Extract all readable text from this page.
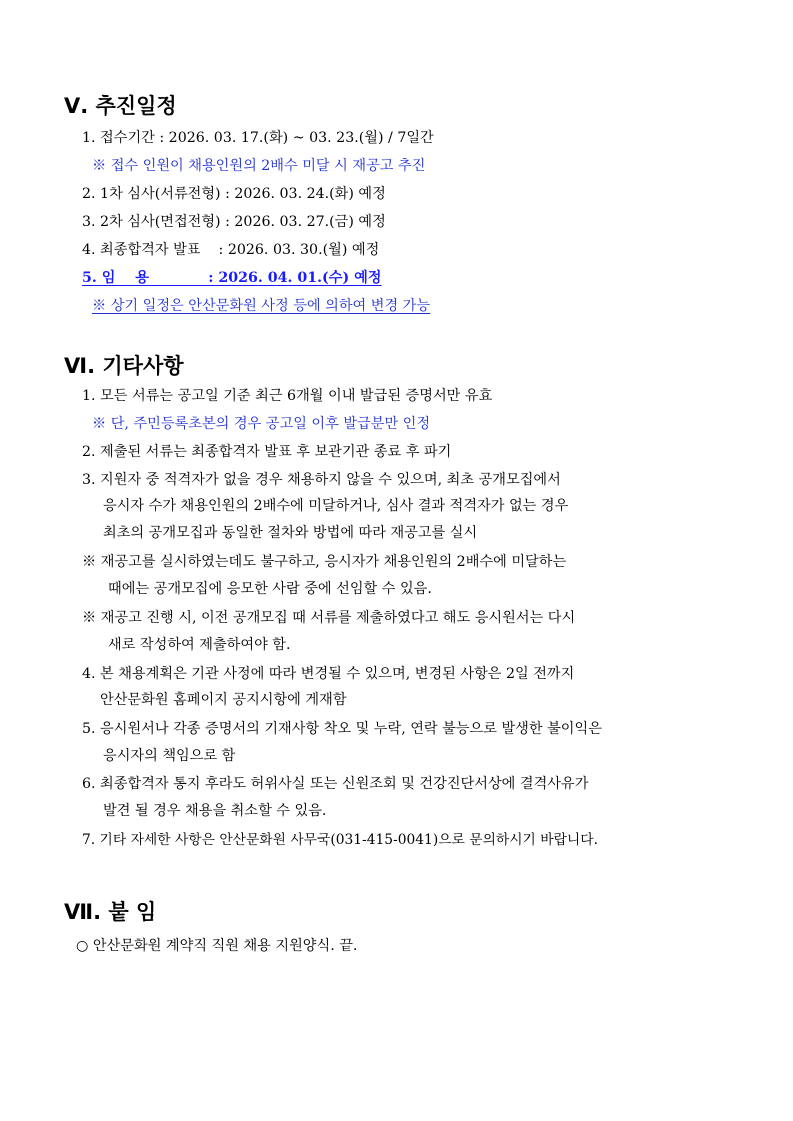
Ⅴ. 추진일정
1. 접수기간 : 2026. 03. 17.(화) ~ 03. 23.(월) / 7일간
※ 접수 인원이 채용인원의 2배수 미달 시 재공고 추진
2. 1차 심사(서류전형) : 2026. 03. 24.(화) 예정
3. 2차 심사(면접전형) : 2026. 03. 27.(금) 예정
4. 최종합격자 발표    : 2026. 03. 30.(월) 예정
5. 임    용            : 2026. 04. 01.(수) 예정
※ 상기 일정은 안산문화원 사정 등에 의하여 변경 가능
Ⅵ. 기타사항
1. 모든 서류는 공고일 기준 최근 6개월 이내 발급된 증명서만 유효
※ 단, 주민등록초본의 경우 공고일 이후 발급분만 인정
2. 제출된 서류는 최종합격자 발표 후 보관기관 종료 후 파기
3. 지원자 중 적격자가 없을 경우 채용하지 않을 수 있으며, 최초 공개모집에서
응시자 수가 채용인원의 2배수에 미달하거나, 심사 결과 적격자가 없는 경우
최초의 공개모집과 동일한 절차와 방법에 따라 재공고를 실시
※ 재공고를 실시하였는데도 불구하고, 응시자가 채용인원의 2배수에 미달하는
때에는 공개모집에 응모한 사람 중에 선임할 수 있음.
※ 재공고 진행 시, 이전 공개모집 때 서류를 제출하였다고 해도 응시원서는 다시
새로 작성하여 제출하여야 함.
4. 본 채용계획은 기관 사정에 따라 변경될 수 있으며, 변경된 사항은 2일 전까지
안산문화원 홈페이지 공지시항에 게재함
5. 응시원서나 각종 증명서의 기재사항 착오 및 누락, 연락 불능으로 발생한 불이익은
응시자의 책임으로 함
6. 최종합격자 통지 후라도 허위사실 또는 신원조회 및 건강진단서상에 결격사유가
발견 될 경우 채용을 취소할 수 있음.
7. 기타 자세한 사항은 안산문화원 사무국(031-415-0041)으로 문의하시기 바랍니다.
Ⅶ. 붙 임
○ 안산문화원 계약직 직원 채용 지원양식. 끝.
